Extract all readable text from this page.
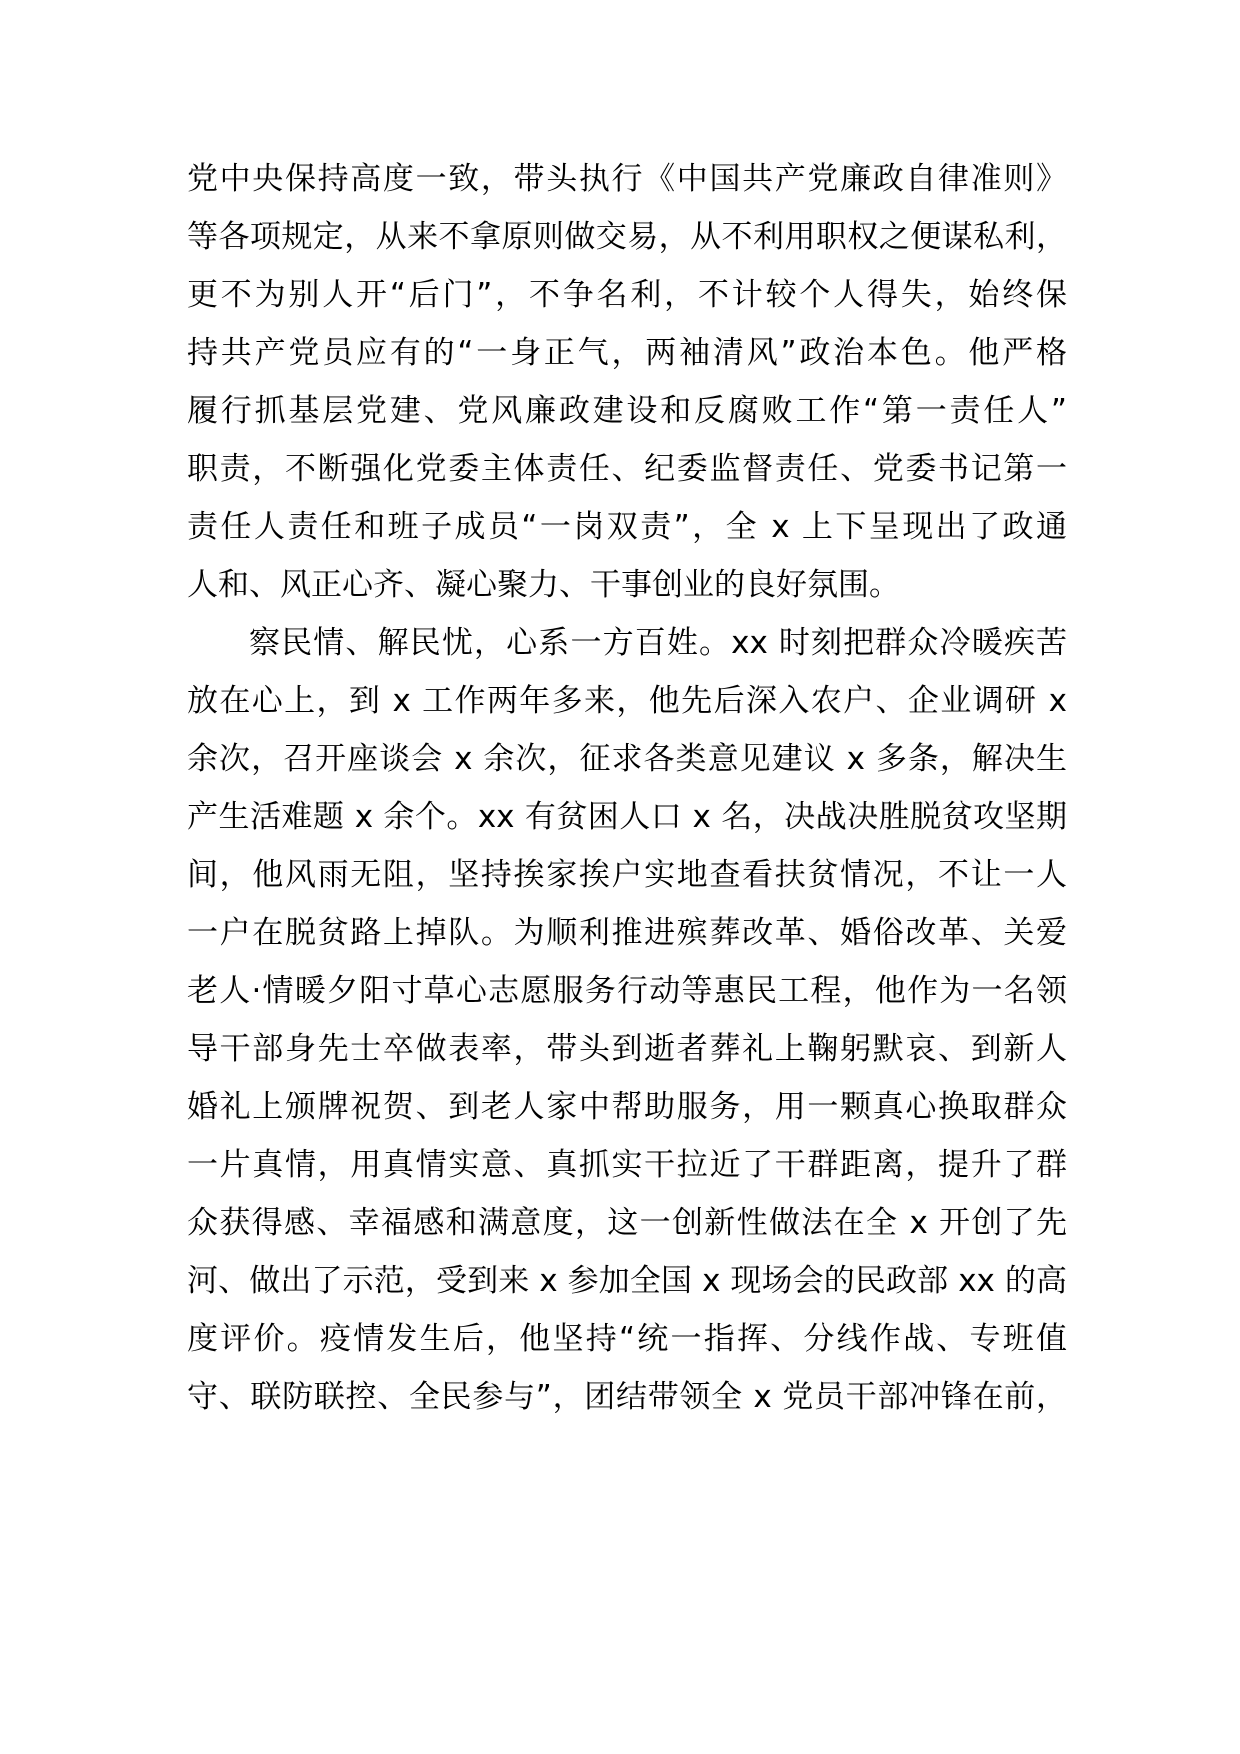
党中央保持高度一致，带头执行《中国共产党廉政自律准则》
等各项规定，从来不拿原则做交易，从不利用职权之便谋私利，
更不为别人开“后门”，不争名利，不计较个人得失，始终保
持共产党员应有的“一身正气，两袖清风”政治本色。他严格
履行抓基层党建、党风廉政建设和反腐败工作“第一责任人”
职责，不断强化党委主体责任、纪委监督责任、党委书记第一
责任人责任和班子成员“一岗双责”，全 x 上下呈现出了政通
人和、风正心齐、凝心聚力、干事创业的良好氛围。
察民情、解民忧，心系一方百姓。xx 时刻把群众冷暖疾苦
放在心上，到 x 工作两年多来，他先后深入农户、企业调研 x
余次，召开座谈会 x 余次，征求各类意见建议 x 多条，解决生
产生活难题 x 余个。xx 有贫困人口 x 名，决战决胜脱贫攻坚期
间，他风雨无阻，坚持挨家挨户实地查看扶贫情况，不让一人
一户在脱贫路上掉队。为顺利推进殡葬改革、婚俗改革、关爱
老人·情暖夕阳寸草心志愿服务行动等惠民工程，他作为一名领
导干部身先士卒做表率，带头到逝者葬礼上鞠躬默哀、到新人
婚礼上颁牌祝贺、到老人家中帮助服务，用一颗真心换取群众
一片真情，用真情实意、真抓实干拉近了干群距离，提升了群
众获得感、幸福感和满意度，这一创新性做法在全 x 开创了先
河、做出了示范，受到来 x 参加全国 x 现场会的民政部 xx 的高
度评价。疫情发生后，他坚持“统一指挥、分线作战、专班值
守、联防联控、全民参与”，团结带领全 x 党员干部冲锋在前，
